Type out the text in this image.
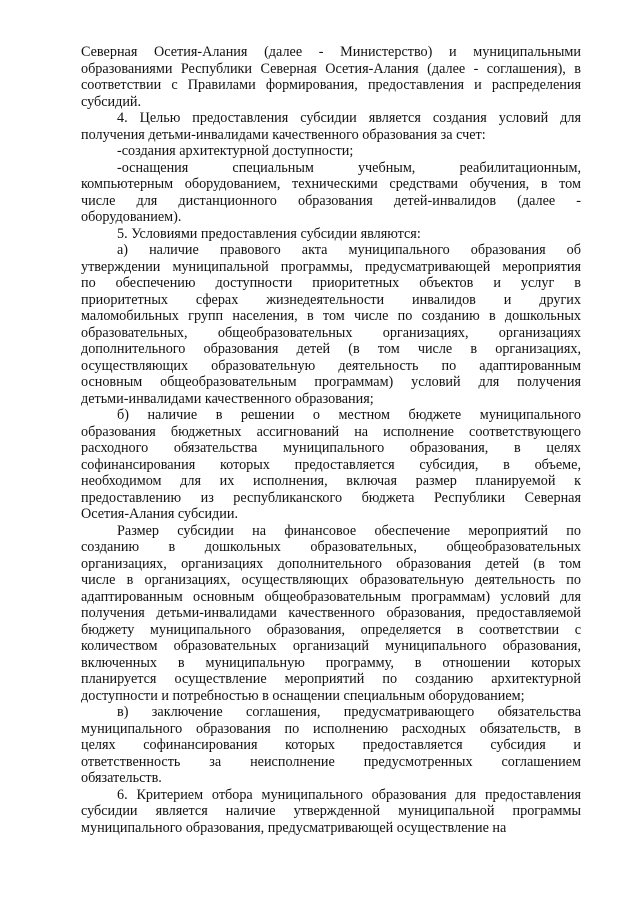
Северная Осетия-Алания (далее - Министерство) и муниципальными
образованиями Республики Северная Осетия-Алания (далее - соглашения), в
соответствии с Правилами формирования, предоставления и распределения
субсидий.
4. Целью предоставления субсидии является создания условий для
получения детьми-инвалидами качественного образования за счет:
-создания архитектурной доступности;
-оснащения специальным учебным, реабилитационным,
компьютерным оборудованием, техническими средствами обучения, в том
числе для дистанционного образования детей-инвалидов (далее -
оборудованием).
5. Условиями предоставления субсидии являются:
а) наличие правового акта муниципального образования об
утверждении муниципальной программы, предусматривающей мероприятия
по обеспечению доступности приоритетных объектов и услуг в
приоритетных сферах жизнедеятельности инвалидов и других
маломобильных групп населения, в том числе по созданию в дошкольных
образовательных, общеобразовательных организациях, организациях
дополнительного образования детей (в том числе в организациях,
осуществляющих образовательную деятельность по адаптированным
основным общеобразовательным программам) условий для получения
детьми-инвалидами качественного образования;
б) наличие в решении о местном бюджете муниципального
образования бюджетных ассигнований на исполнение соответствующего
расходного обязательства муниципального образования, в целях
софинансирования которых предоставляется субсидия, в объеме,
необходимом для их исполнения, включая размер планируемой к
предоставлению из республиканского бюджета Республики Северная
Осетия-Алания субсидии.
Размер субсидии на финансовое обеспечение мероприятий по
созданию в дошкольных образовательных, общеобразовательных
организациях, организациях дополнительного образования детей (в том
числе в организациях, осуществляющих образовательную деятельность по
адаптированным основным общеобразовательным программам) условий для
получения детьми-инвалидами качественного образования, предоставляемой
бюджету муниципального образования, определяется в соответствии с
количеством образовательных организаций муниципального образования,
включенных в муниципальную программу, в отношении которых
планируется осуществление мероприятий по созданию архитектурной
доступности и потребностью в оснащении специальным оборудованием;
в) заключение соглашения, предусматривающего обязательства
муниципального образования по исполнению расходных обязательств, в
целях софинансирования которых предоставляется субсидия и
ответственность за неисполнение предусмотренных соглашением
обязательств.
6. Критерием отбора муниципального образования для предоставления
субсидии является наличие утвержденной муниципальной программы
муниципального образования, предусматривающей осуществление на
